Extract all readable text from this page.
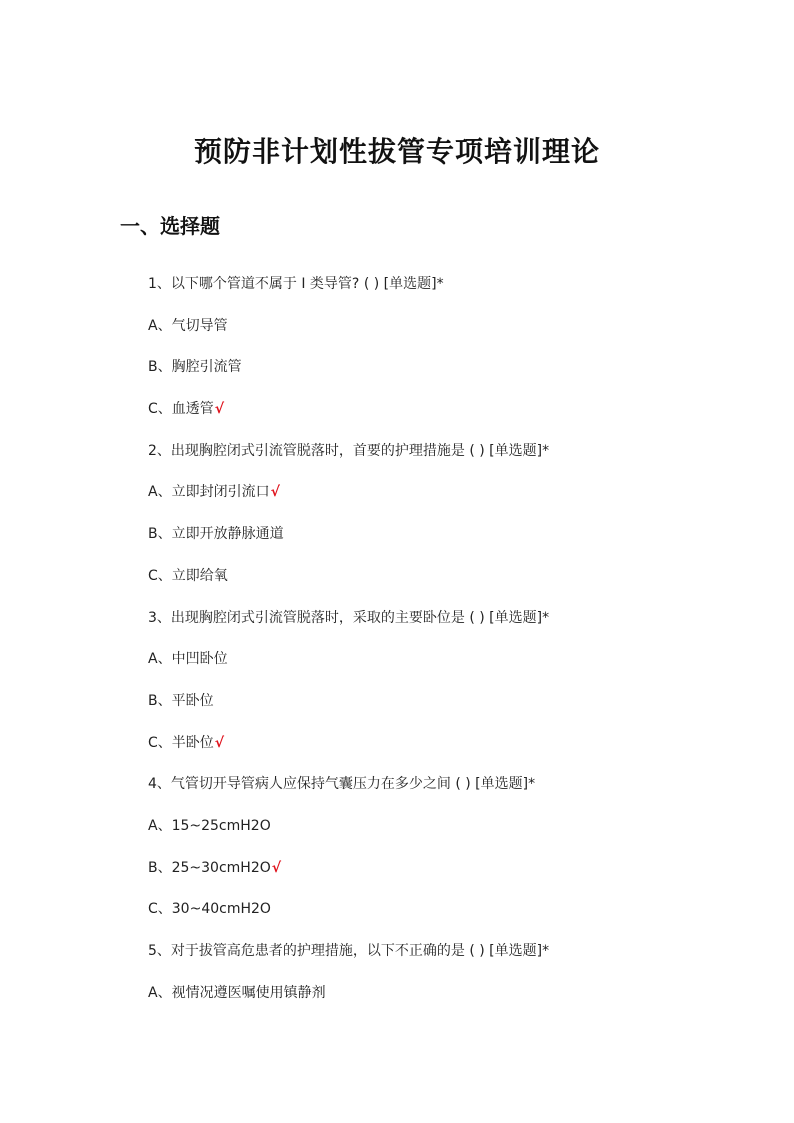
预防非计划性拔管专项培训理论
一、选择题
1、以下哪个管道不属于 I 类导管? ( ) [单选题]*
A、气切导管
B、胸腔引流管
C、血透管√
2、出现胸腔闭式引流管脱落时，首要的护理措施是 ( ) [单选题]*
A、立即封闭引流口√
B、立即开放静脉通道
C、立即给氧
3、出现胸腔闭式引流管脱落时，采取的主要卧位是 ( ) [单选题]*
A、中凹卧位
B、平卧位
C、半卧位√
4、气管切开导管病人应保持气囊压力在多少之间 ( ) [单选题]*
A、15~25cmH2O
B、25~30cmH2O√
C、30~40cmH2O
5、对于拔管高危患者的护理措施，以下不正确的是 ( ) [单选题]*
A、视情况遵医嘱使用镇静剂
